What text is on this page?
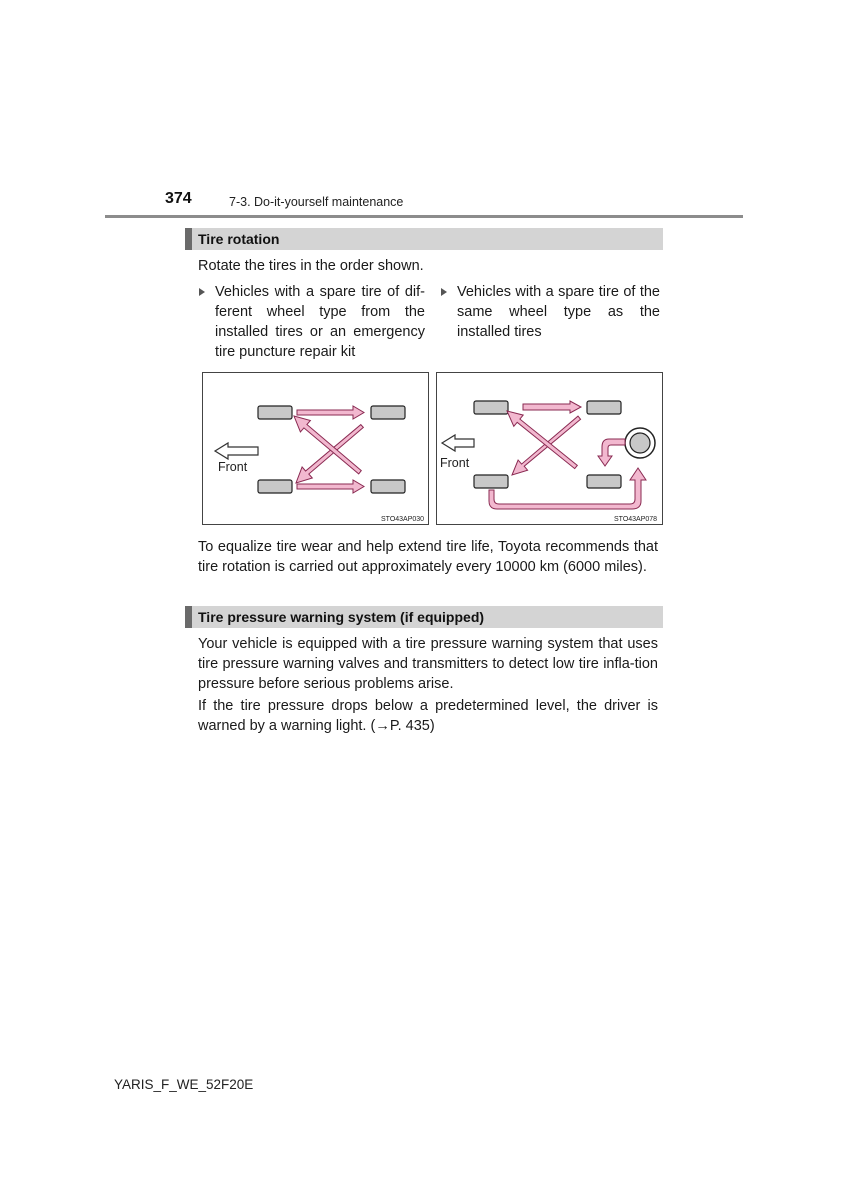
374	7-3. Do-it-yourself maintenance
Tire rotation
Rotate the tires in the order shown.
Vehicles with a spare tire of dif-ferent wheel type from the installed tires or an emergency tire puncture repair kit
Vehicles with a spare tire of the same wheel type as the installed tires
Front
STO43AP030
Front
STO43AP078
To equalize tire wear and help extend tire life, Toyota recommends that tire rotation is carried out approximately every 10000 km (6000 miles).
Tire pressure warning system (if equipped)
Your vehicle is equipped with a tire pressure warning system that uses tire pressure warning valves and transmitters to detect low tire infla-tion pressure before serious problems arise.
If the tire pressure drops below a predetermined level, the driver is warned by a warning light. (→P. 435)
YARIS_F_WE_52F20E
